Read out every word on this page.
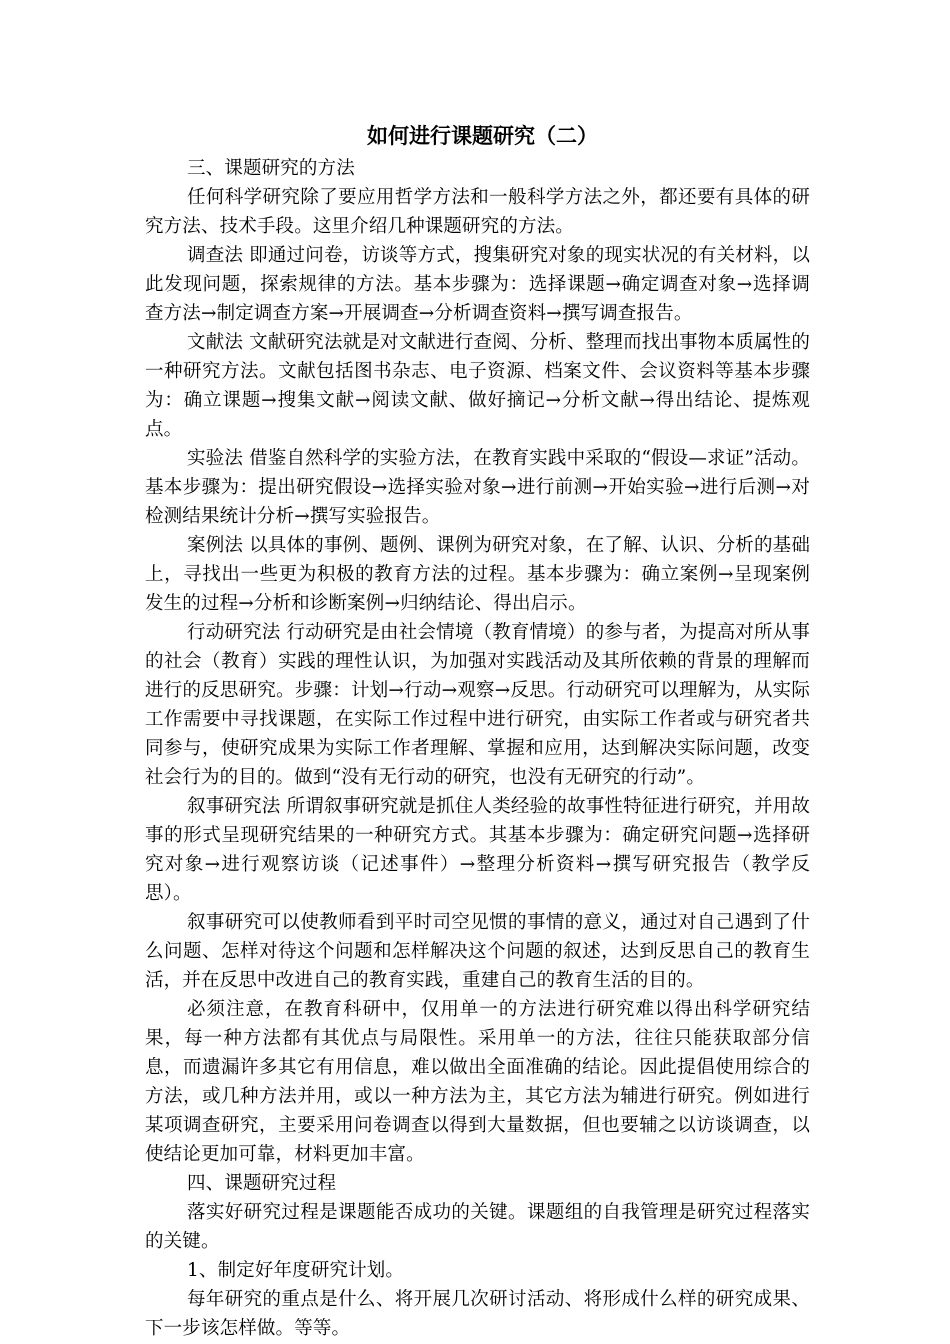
如何进行课题研究（二）

三、课题研究的方法

任何科学研究除了要应用哲学方法和一般科学方法之外，都还要有具体的研究方法、技术手段。这里介绍几种课题研究的方法。

调查法 即通过问卷，访谈等方式，搜集研究对象的现实状况的有关材料，以此发现问题，探索规律的方法。基本步骤为：选择课题→确定调查对象→选择调查方法→制定调查方案→开展调查→分析调查资料→撰写调查报告。

文献法 文献研究法就是对文献进行查阅、分析、整理而找出事物本质属性的一种研究方法。文献包括图书杂志、电子资源、档案文件、会议资料等基本步骤为：确立课题→搜集文献→阅读文献、做好摘记→分析文献→得出结论、提炼观点。

实验法 借鉴自然科学的实验方法，在教育实践中采取的“假设—求证”活动。基本步骤为：提出研究假设→选择实验对象→进行前测→开始实验→进行后测→对检测结果统计分析→撰写实验报告。

案例法 以具体的事例、题例、课例为研究对象，在了解、认识、分析的基础上，寻找出一些更为积极的教育方法的过程。基本步骤为：确立案例→呈现案例发生的过程→分析和诊断案例→归纳结论、得出启示。

行动研究法 行动研究是由社会情境（教育情境）的参与者，为提高对所从事的社会（教育）实践的理性认识，为加强对实践活动及其所依赖的背景的理解而进行的反思研究。步骤：计划→行动→观察→反思。行动研究可以理解为，从实际工作需要中寻找课题，在实际工作过程中进行研究，由实际工作者或与研究者共同参与，使研究成果为实际工作者理解、掌握和应用，达到解决实际问题，改变社会行为的目的。做到“没有无行动的研究，也没有无研究的行动”。

叙事研究法 所谓叙事研究就是抓住人类经验的故事性特征进行研究，并用故事的形式呈现研究结果的一种研究方式。其基本步骤为：确定研究问题→选择研究对象→进行观察访谈（记述事件）→整理分析资料→撰写研究报告（教学反思）。

叙事研究可以使教师看到平时司空见惯的事情的意义，通过对自己遇到了什么问题、怎样对待这个问题和怎样解决这个问题的叙述，达到反思自己的教育生活，并在反思中改进自己的教育实践，重建自己的教育生活的目的。

必须注意，在教育科研中，仅用单一的方法进行研究难以得出科学研究结果，每一种方法都有其优点与局限性。采用单一的方法，往往只能获取部分信息，而遗漏许多其它有用信息，难以做出全面准确的结论。因此提倡使用综合的方法，或几种方法并用，或以一种方法为主，其它方法为辅进行研究。例如进行某项调查研究，主要采用问卷调查以得到大量数据，但也要辅之以访谈调查，以使结论更加可靠，材料更加丰富。

四、课题研究过程

落实好研究过程是课题能否成功的关键。课题组的自我管理是研究过程落实的关键。

1、制定好年度研究计划。

每年研究的重点是什么、将开展几次研讨活动、将形成什么样的研究成果、下一步该怎样做。等等。
